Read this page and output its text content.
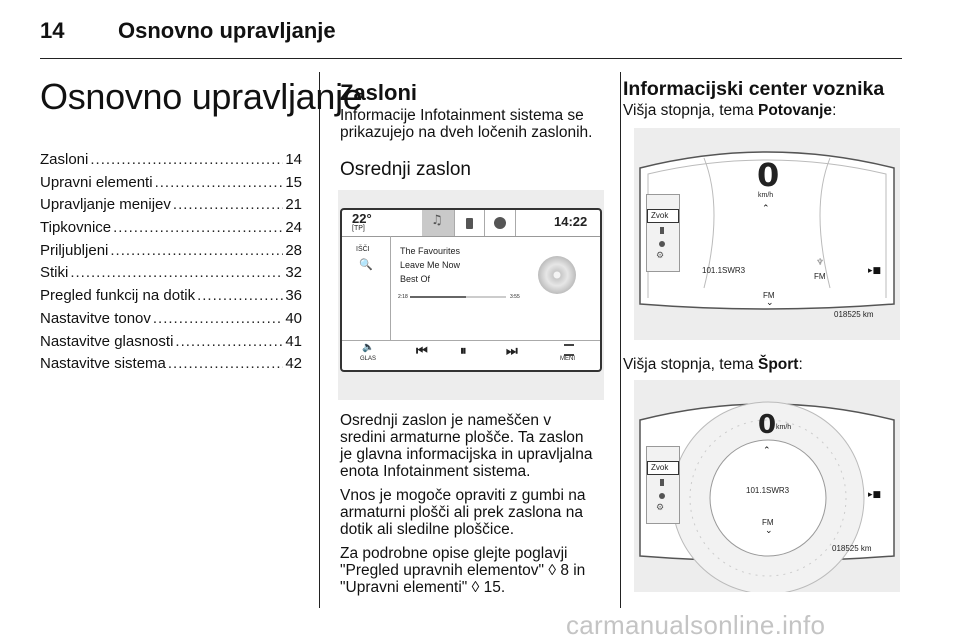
14 Osnovno upravljanje
Osnovno upravljanje
Zasloni .....	14
Upravni elementi .....	15
Upravljanje menijev .....	21
Tipkovnice .....	24
Priljubljeni .....	28
Stiki .....	32
Pregled funkcij na dotik .....	36
Nastavitve tonov .....	40
Nastavitve glasnosti .....	41
Nastavitve sistema .....	42
Zasloni

Informacije Infotainment sistema se

prikazujejo na dveh ločenih zaslonih.

Osrednji zaslon
22°
[TP]
♫	14:22
IŠČI
🔍
The Favourites
Leave Me Now
Best Of
2:18	3:55
🔈
GLAS	⏮ ⏸	⏭	MENI

Osrednji zaslon je nameščen v

sredini armaturne plošče. Ta zaslon

je glavna informacijska in upravljalna

enota Infotainment sistema.

Vnos je mogoče opraviti z gumbi na

armaturni plošči ali prek zaslona na

dotik ali sledilne ploščice.

Za podrobne opise glejte poglavji

"Pregled upravnih elementov" ◊ 8 in

"Upravni elementi" ◊ 15.

Informacijski center voznika

Višja stopnja, tema Potovanje:

Zvok
⚙
0
km/h
⌃
101.1SWR3
♆
FM
▸■
FM
⌄
018525 km

Višja stopnja, tema Šport:

Zvok
⚙
0 km/h
⌃
101.1SWR3	▸■
FM
⌄
018525 km
carmanualsonline.info
